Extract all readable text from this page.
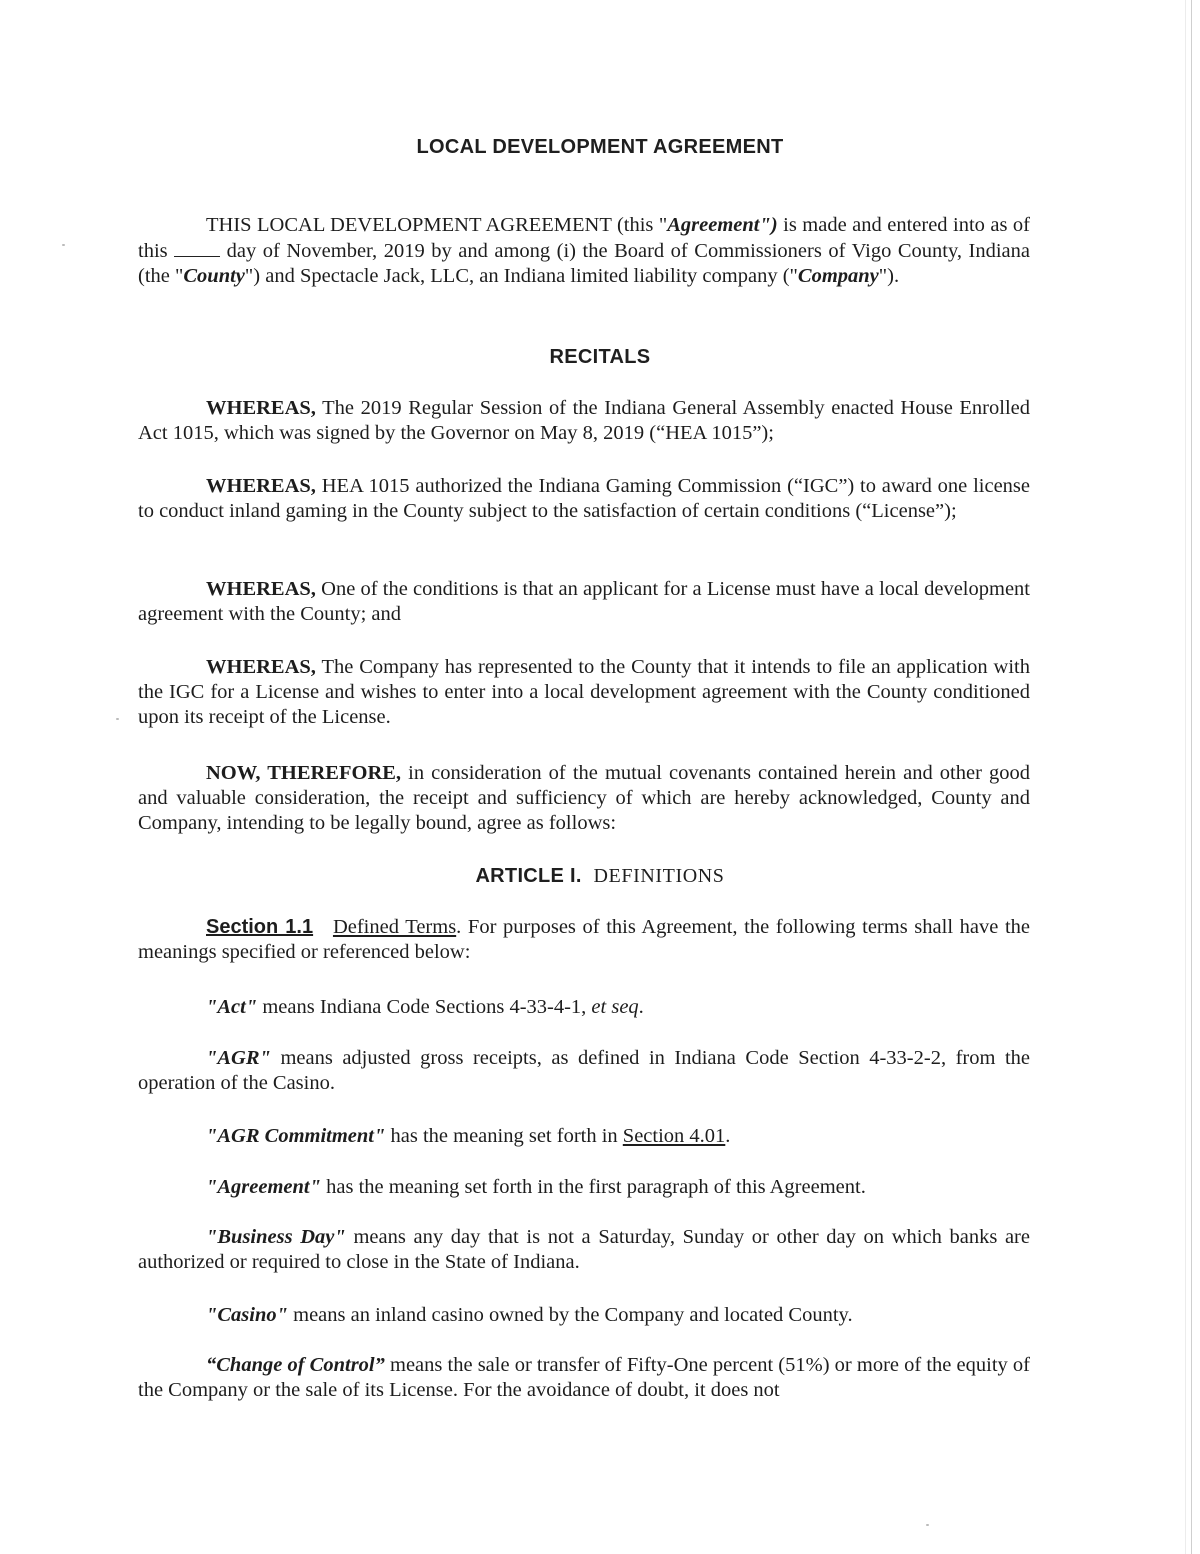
LOCAL DEVELOPMENT AGREEMENT
THIS LOCAL DEVELOPMENT AGREEMENT (this "Agreement") is made and entered into as of this  day of November, 2019 by and among (i) the Board of Commissioners of Vigo County, Indiana (the "County") and Spectacle Jack, LLC, an Indiana limited liability company ("Company").
RECITALS
WHEREAS, The 2019 Regular Session of the Indiana General Assembly enacted House Enrolled Act 1015, which was signed by the Governor on May 8, 2019 (“HEA 1015”);
WHEREAS, HEA 1015 authorized the Indiana Gaming Commission (“IGC”) to award one license to conduct inland gaming in the County subject to the satisfaction of certain conditions (“License”);
WHEREAS, One of the conditions is that an applicant for a License must have a local development agreement with the County; and
WHEREAS, The Company has represented to the County that it intends to file an application with the IGC for a License and wishes to enter into a local development agreement with the County conditioned upon its receipt of the License.
NOW, THEREFORE, in consideration of the mutual covenants contained herein and other good and valuable consideration, the receipt and sufficiency of which are hereby acknowledged, County and Company, intending to be legally bound, agree as follows:
ARTICLE I. DEFINITIONS
Section 1.1 Defined Terms. For purposes of this Agreement, the following terms shall have the meanings specified or referenced below:
"Act" means Indiana Code Sections 4-33-4-1, et seq.
"AGR" means adjusted gross receipts, as defined in Indiana Code Section 4-33-2-2, from the operation of the Casino.
"AGR Commitment" has the meaning set forth in Section 4.01.
"Agreement" has the meaning set forth in the first paragraph of this Agreement.
"Business Day" means any day that is not a Saturday, Sunday or other day on which banks are authorized or required to close in the State of Indiana.
"Casino" means an inland casino owned by the Company and located County.
“Change of Control” means the sale or transfer of Fifty-One percent (51%) or more of the equity of the Company or the sale of its License. For the avoidance of doubt, it does not
